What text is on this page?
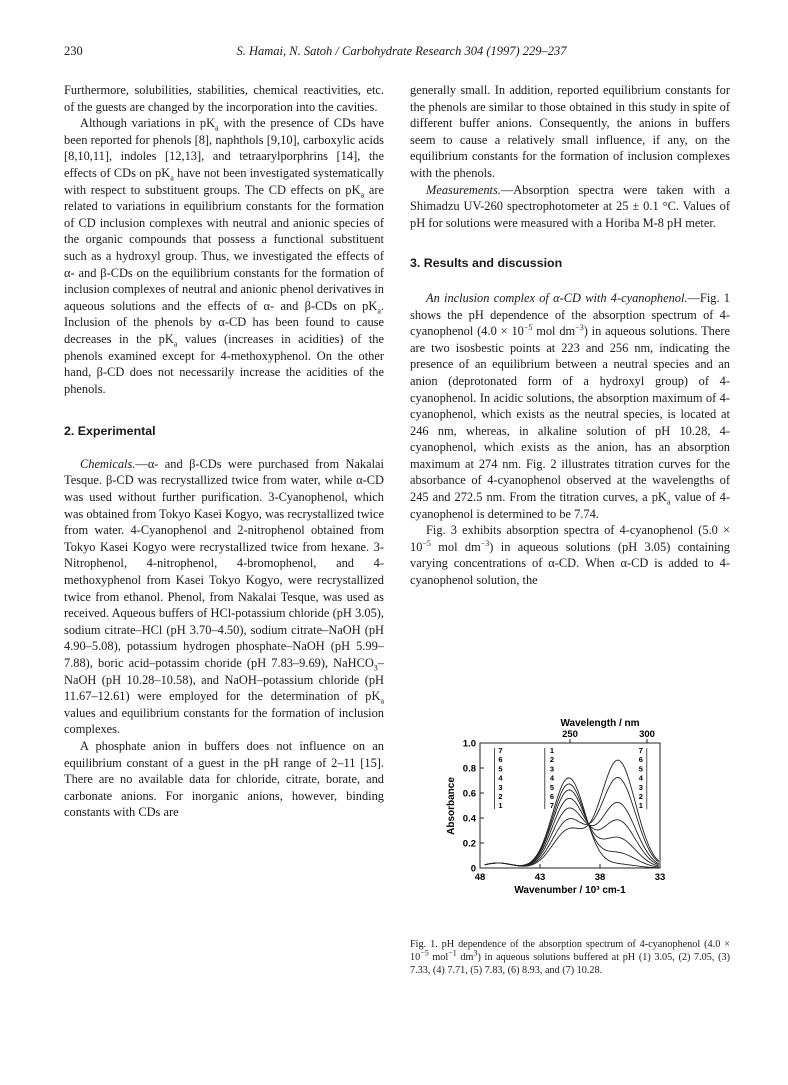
230	S. Hamai, N. Satoh / Carbohydrate Research 304 (1997) 229–237

Furthermore, solubilities, stabilities, chemical reactivities, etc. of the guests are changed by the incorporation into the cavities.

Although variations in $pK_a$ with the presence of CDs have been reported for phenols [8], naphthols [9,10], carboxylic acids [8,10,11], indoles [12,13], and tetraarylporphrins [14], the effects of CDs on $pK_a$ have not been investigated systematically with respect to substituent groups. The CD effects on $pK_a$ are related to variations in equilibrium constants for the formation of CD inclusion complexes with neutral and anionic species of the organic compounds that possess a functional substituent such as a hydroxyl group. Thus, we investigated the effects of α- and β-CDs on the equilibrium constants for the formation of inclusion complexes of neutral and anionic phenol derivatives in aqueous solutions and the effects of α- and β-CDs on $pK_a$. Inclusion of the phenols by α-CD has been found to cause decreases in the $pK_a$ values (increases in acidities) of the phenols examined except for 4-methoxyphenol. On the other hand, β-CD does not necessarily increase the acidities of the phenols.

2. Experimental

Chemicals.—α- and β-CDs were purchased from Nakalai Tesque. β-CD was recrystallized twice from water, while α-CD was used without further purification. 3-Cyanophenol, which was obtained from Tokyo Kasei Kogyo, was recrystallized twice from water. 4-Cyanophenol and 2-nitrophenol obtained from Tokyo Kasei Kogyo were recrystallized twice from hexane. 3-Nitrophenol, 4-nitrophenol, 4-bromophenol, and 4-methoxyphenol from Kasei Tokyo Kogyo, were recrystallized twice from ethanol. Phenol, from Nakalai Tesque, was used as received. Aqueous buffers of HCl-potassium chloride (pH 3.05), sodium citrate–HCl (pH 3.70–4.50), sodium citrate–NaOH (pH 4.90–5.08), potassium hydrogen phosphate–NaOH (pH 5.99–7.88), boric acid–potassim choride (pH 7.83–9.69), NaHCO$_3$–NaOH (pH 10.28–10.58), and NaOH–potassium chloride (pH 11.67–12.61) were employed for the determination of $pK_a$ values and equilibrium constants for the formation of inclusion complexes.

A phosphate anion in buffers does not influence on an equilibrium constant of a guest in the pH range of 2–11 [15]. There are no available data for chloride, citrate, borate, and carbonate anions. For inorganic anions, however, binding constants with CDs are

generally small. In addition, reported equilibrium constants for the phenols are similar to those obtained in this study in spite of different buffer anions. Consequently, the anions in buffers seem to cause a relatively small influence, if any, on the equilibrium constants for the formation of inclusion complexes with the phenols.

Measurements.—Absorption spectra were taken with a Shimadzu UV-260 spectrophotometer at 25 ± 0.1 °C. Values of pH for solutions were measured with a Horiba M-8 pH meter.

3. Results and discussion

An inclusion complex of α-CD with 4-cyanophenol.—Fig. 1 shows the pH dependence of the absorption spectrum of 4-cyanophenol ($4.0 \times 10^{-5}$ mol $dm^{-3}$) in aqueous solutions. There are two isosbestic points at 223 and 256 nm, indicating the presence of an equilibrium between a neutral species and an anion (deprotonated form of a hydroxyl group) of 4-cyanophenol. In acidic solutions, the absorption maximum of 4-cyanophenol, which exists as the neutral species, is located at 246 nm, whereas, in alkaline solution of pH 10.28, 4-cyanophenol, which exists as the anion, has an absorption maximum at 274 nm. Fig. 2 illustrates titration curves for the absorbance of 4-cyanophenol observed at the wavelengths of 245 and 272.5 nm. From the titration curves, a $pK_a$ value of 4-cyanophenol is determined to be 7.74.

Fig. 3 exhibits absorption spectra of 4-cyanophenol ($5.0 \times 10^{-5}$ mol $dm^{-3}$) in aqueous solutions (pH 3.05) containing varying concentrations of α-CD. When α-CD is added to 4-cyanophenol solution, the

Wavelength / nm
250	300
Absorbance
0
0.2
0.4
0.6
0.8
1.0
48	43	38	33
7
6
5
4
3
2
1
1
2
3
4
5
6
7
7
6
5
4
3
2
1
Wavenumber / 10³ cm-1
Fig. 1. pH dependence of the absorption spectrum of 4-cyanophenol ($4.0 \times 10^{-5}$ mol$^{-1}$ $dm^3$) in aqueous solutions buffered at pH (1) 3.05, (2) 7.05, (3) 7.33, (4) 7.71, (5) 7.83, (6) 8.93, and (7) 10.28.
